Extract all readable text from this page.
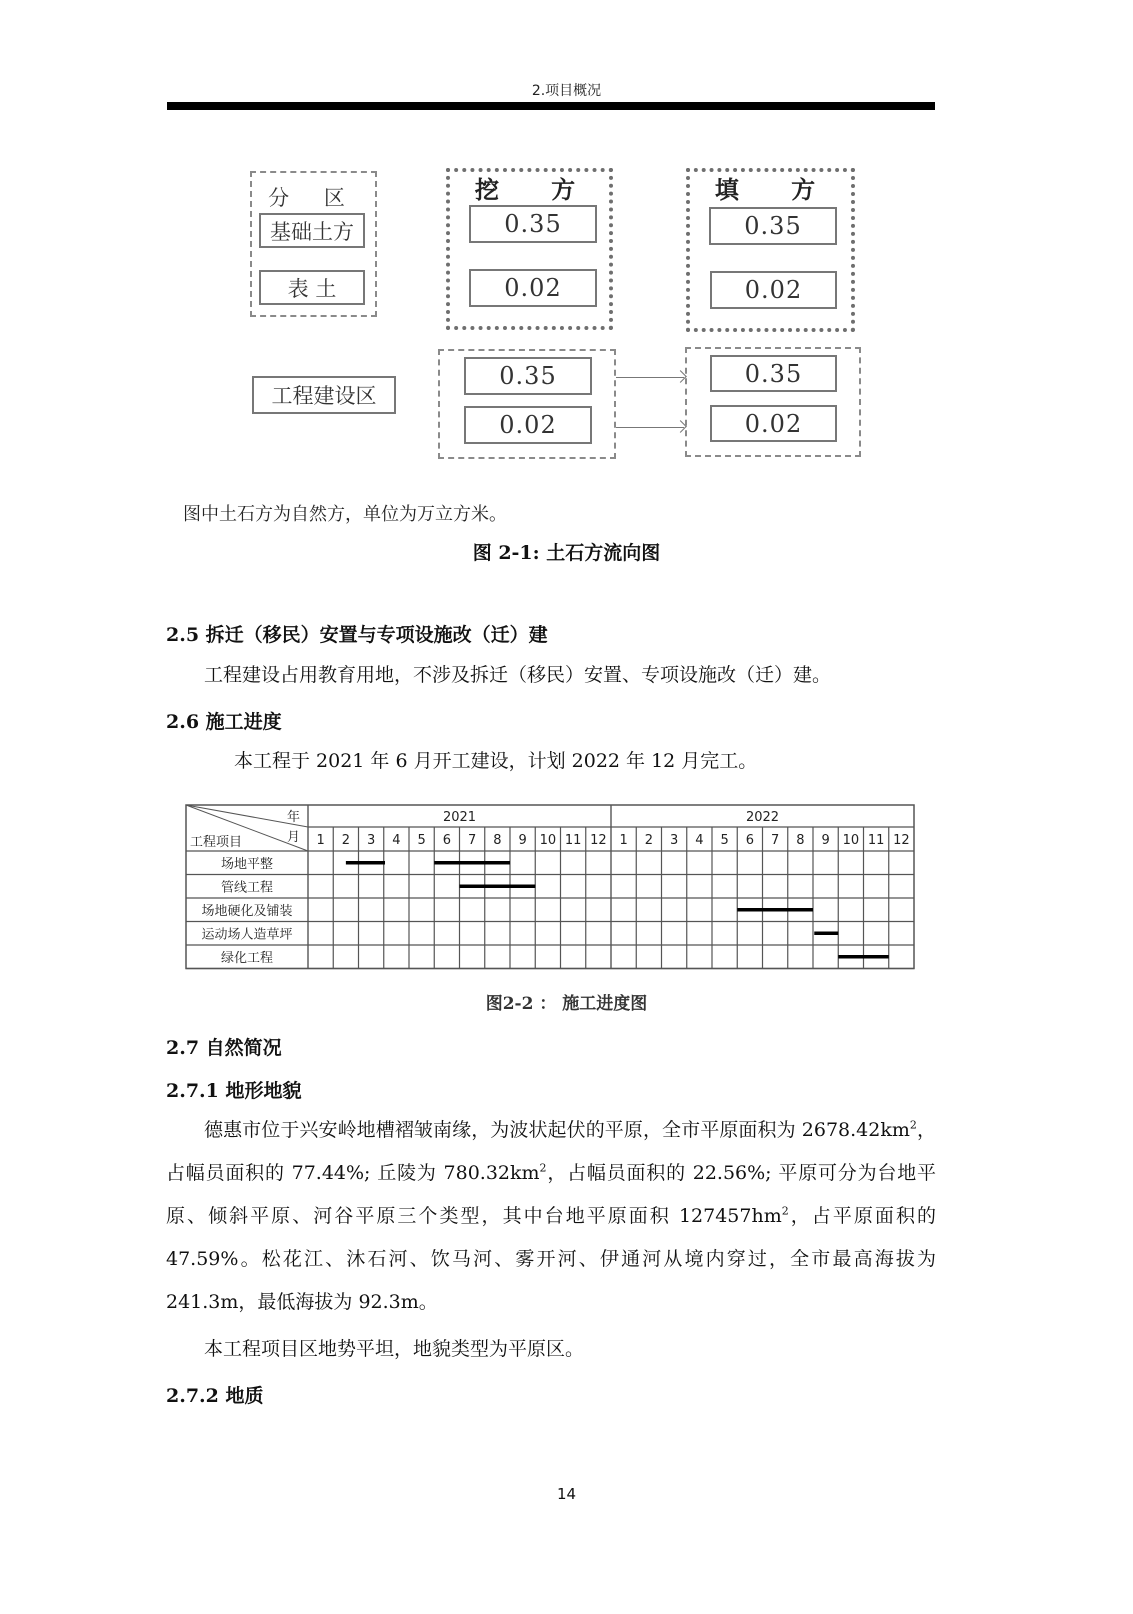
2.项目概况
分 区
基础土方
表 土
挖 方
0.35
0.02
填 方
0.35
0.02
工程建设区
0.35
0.02
0.35
0.02
图中土石方为自然方，单位为万立方米。
图 2-1: 土石方流向图
2.5 拆迁（移民）安置与专项设施改（迁）建
工程建设占用教育用地，不涉及拆迁（移民）安置、专项设施改（迁）建。
2.6 施工进度
本工程于 2021 年 6 月开工建设，计划 2022 年 12 月完工。
2021
1 2 3 4 5 6 7 8 9 10 11 12
2022
1 2 3 4 5 6 7 8 9 10 11 12
年
月
工程项目
场地平整
管线工程
场地硬化及铺装
运动场人造草坪
绿化工程
图2-2 ： 施工进度图
2.7 自然简况
2.7.1 地形地貌
德惠市位于兴安岭地槽褶皱南缘，为波状起伏的平原，全市平原面积为 $2678.42km^2$，占幅员面积的 77.44%; 丘陵为 $780.32km^2$，占幅员面积的 22.56%; 平原可分为台地平原、倾斜平原、河谷平原三个类型，其中台地平原面积 $127457hm^2$，占平原面积的 47.59%。松花江、沐石河、饮马河、雾开河、伊通河从境内穿过，全市最高海拔为 241.3m，最低海拔为 92.3m。
本工程项目区地势平坦，地貌类型为平原区。
2.7.2 地质
14
